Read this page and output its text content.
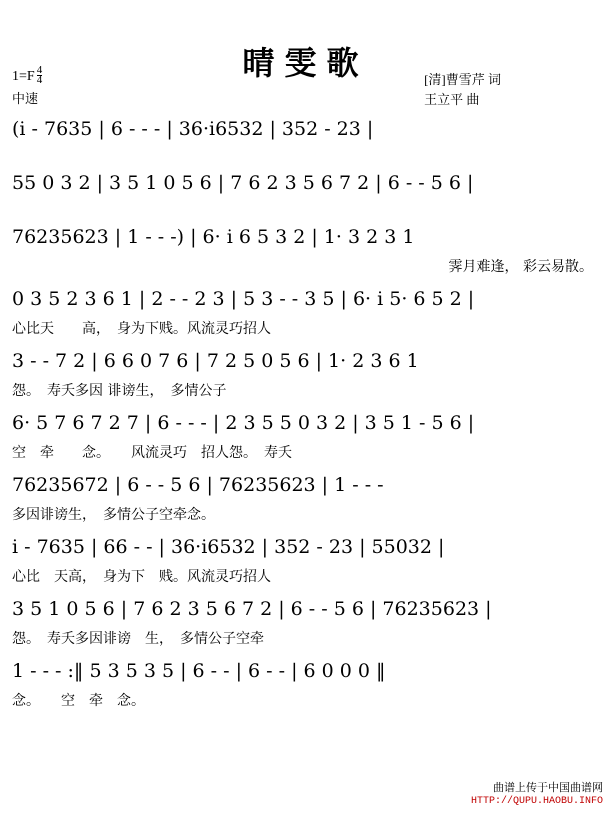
晴雯歌
$1=F \frac{4}{4}$
中速
[清]曹雪芹 词
王立平 曲
(i - 7635 | 6 - - - | 36·i6532 | 352 - 23 |
55 0 3 2 | 3 5 1 0 5 6 | 7 6 2 3 5 6 7 2 | 6 - - 5 6 |
76235623 | 1 - - -) | 6· i 6 5 3 2 | 1· 3 2 3 1
霁月难逢， 彩云易散。
0 3 5 2 3 6 1 | 2 - - 2 3 | 5 3 - - 3 5 | 6· i 5· 6 5 2 |
心比天　　高，　身为下贱。风流灵巧招人
3 - - 7 2 | 6 6 0 7 6 | 7 2 5 0 5 6 | 1· 2 3 6 1
怨。　寿夭多因 诽谤生，　多情公子
6· 5 7 6 7 2 7 | 6 - - - | 2 3 5 5 0 3 2 | 3 5 1 - 5 6 |
空　牵　　念。　　风流灵巧　招人怨。　寿夭
76235672 | 6 - - 5 6 | 76235623 | 1 - - -
多因诽谤生，　多情公子空牵念。
i - 7635 | 66 - - | 36·i6532 | 352 - 23 | 55032 |
心比　天高，　身为下　贱。风流灵巧招人
3 5 1 0 5 6 | 7 6 2 3 5 6 7 2 | 6 - - 5 6 | 76235623 |
怨。　寿夭多因诽谤　生，　多情公子空牵
1 - - - :‖ 5 3 5 3 5 | 6 - - | 6 - - | 6 0 0 0 ‖
念。　　空　牵　念。
曲谱上传于中国曲谱网
HTTP://QUPU.HAOBU.INFO
